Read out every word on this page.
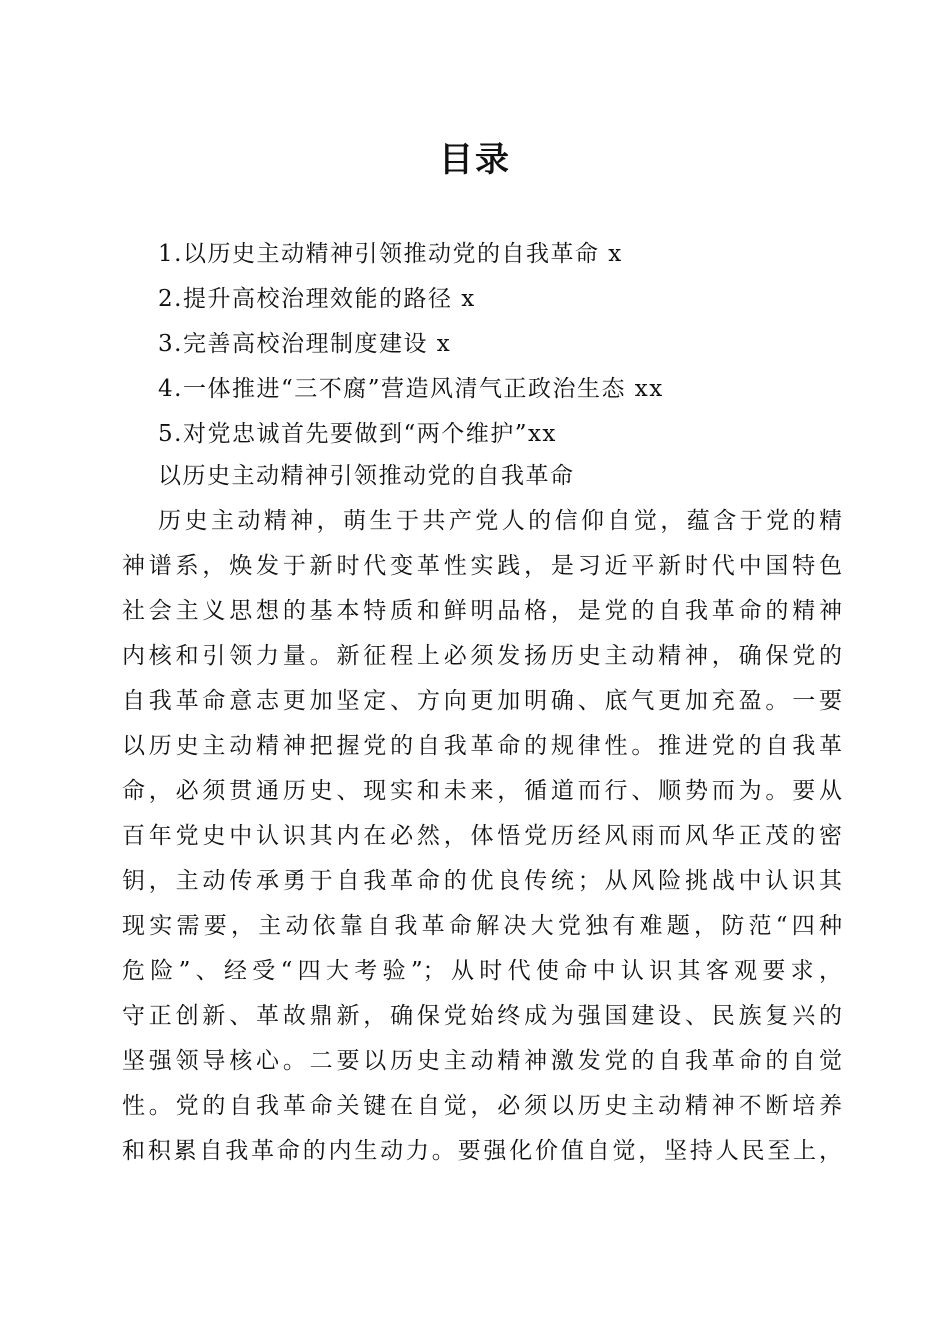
目录
1.以历史主动精神引领推动党的自我革命 x
2.提升高校治理效能的路径 x
3.完善高校治理制度建设 x
4.一体推进“三不腐”营造风清气正政治生态 xx
5.对党忠诚首先要做到“两个维护”xx
以历史主动精神引领推动党的自我革命
历史主动精神，萌生于共产党人的信仰自觉，蕴含于党的精
神谱系，焕发于新时代变革性实践，是习近平新时代中国特色
社会主义思想的基本特质和鲜明品格，是党的自我革命的精神
内核和引领力量。新征程上必须发扬历史主动精神，确保党的
自我革命意志更加坚定、方向更加明确、底气更加充盈。一要
以历史主动精神把握党的自我革命的规律性。推进党的自我革
命，必须贯通历史、现实和未来，循道而行、顺势而为。要从
百年党史中认识其内在必然，体悟党历经风雨而风华正茂的密
钥，主动传承勇于自我革命的优良传统；从风险挑战中认识其
现实需要，主动依靠自我革命解决大党独有难题，防范“四种
危险”、经受“四大考验”；从时代使命中认识其客观要求，
守正创新、革故鼎新，确保党始终成为强国建设、民族复兴的
坚强领导核心。二要以历史主动精神激发党的自我革命的自觉
性。党的自我革命关键在自觉，必须以历史主动精神不断培养
和积累自我革命的内生动力。要强化价值自觉，坚持人民至上，
